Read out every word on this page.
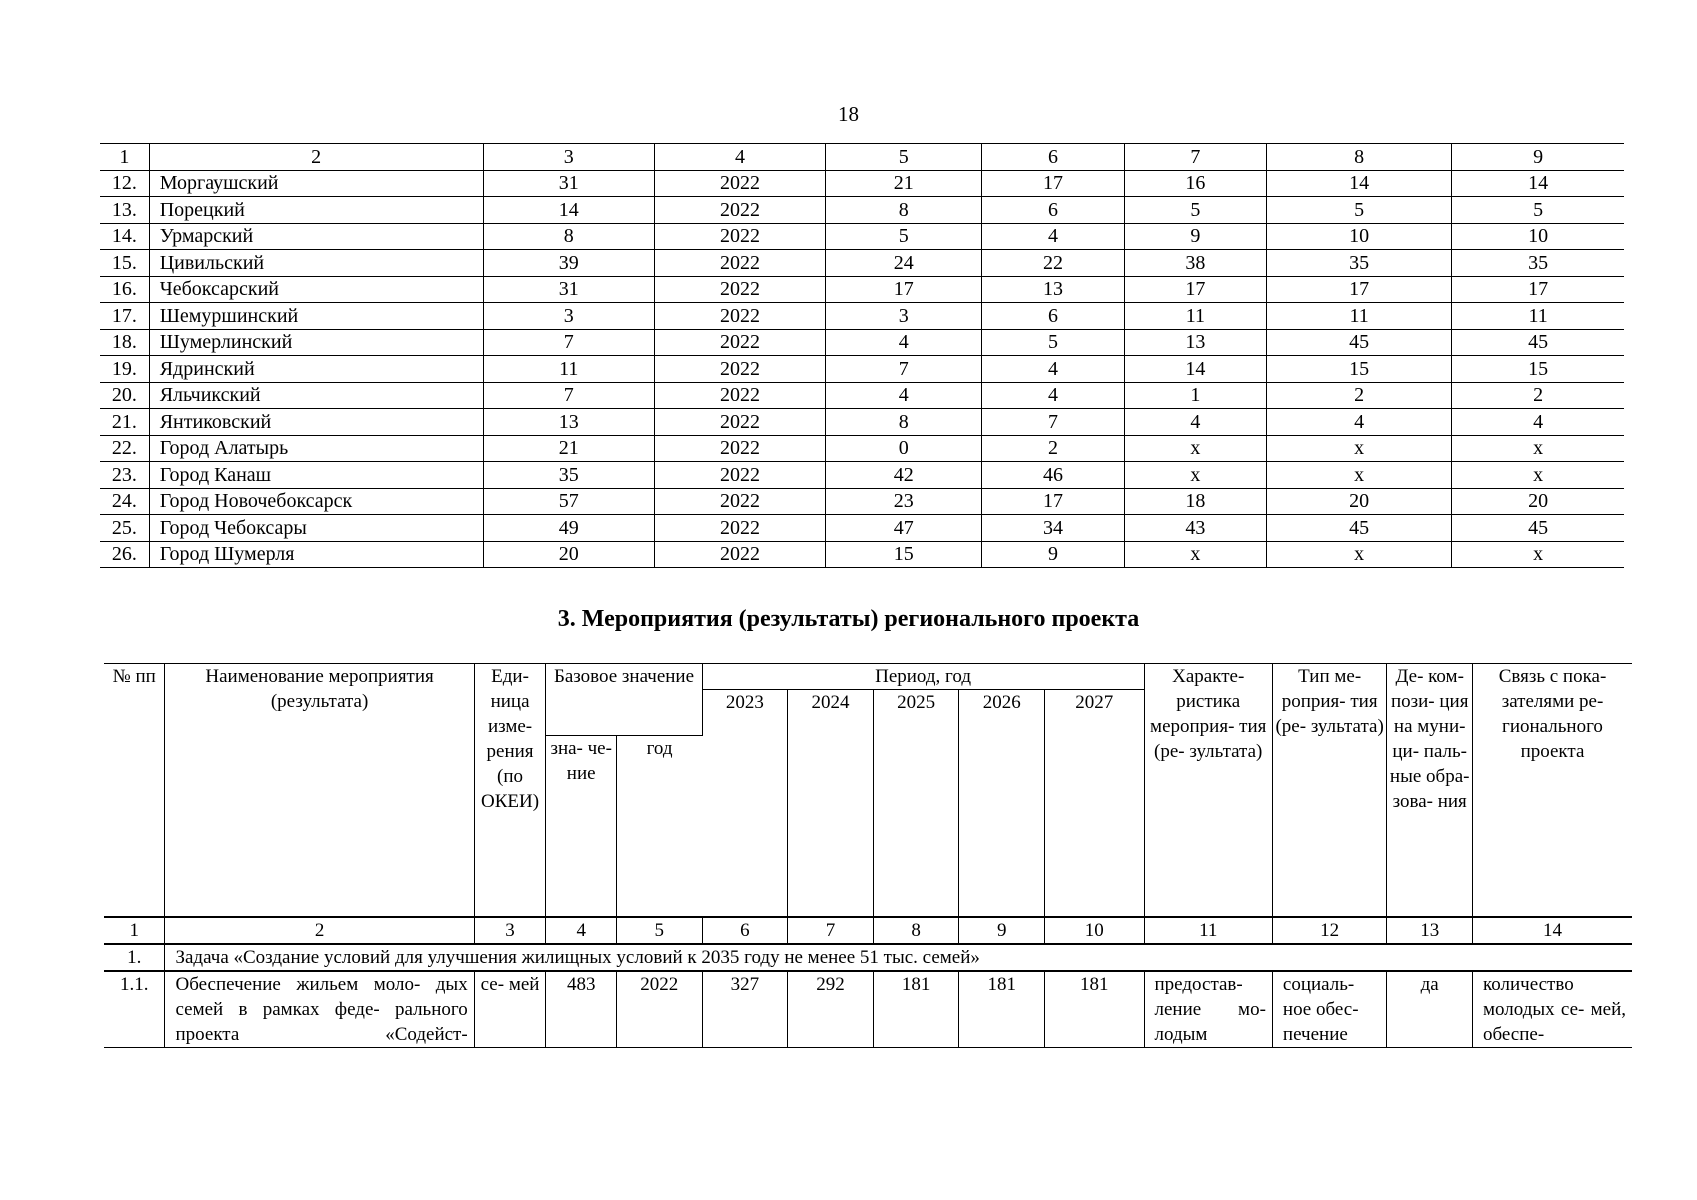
18
1	2	3	4	5	6	7	8	9
12.	Моргаушский	31	2022	21	17	16	14	14
13.	Порецкий	14	2022	8	6	5	5	5
14.	Урмарский	8	2022	5	4	9	10	10
15.	Цивильский	39	2022	24	22	38	35	35
16.	Чебоксарский	31	2022	17	13	17	17	17
17.	Шемуршинский	3	2022	3	6	11	11	11
18.	Шумерлинский	7	2022	4	5	13	45	45
19.	Ядринский	11	2022	7	4	14	15	15
20.	Яльчикский	7	2022	4	4	1	2	2
21.	Янтиковский	13	2022	8	7	4	4	4
22.	Город Алатырь	21	2022	0	2	х	х	х
23.	Город Канаш	35	2022	42	46	х	х	х
24.	Город Новочебоксарск	57	2022	23	17	18	20	20
25.	Город Чебоксары	49	2022	47	34	43	45	45
26.	Город Шумерля	20	2022	15	9	х	х	х
3. Мероприятия (результаты) регионального проекта
№ пп	Наименование мероприятия (результата)	Еди- ница изме- рения (по ОКЕИ)	Базовое значение		Период, год					Характе- ристика мероприя- тия (ре- зультата)	Тип ме- роприя- тия (ре- зультата)	Де- ком- пози- ция на муни- ци- паль- ные обра- зова- ния	Связь с пока- зателями ре- гионального проекта
					2023	2024	2025	2026	2027				
			зна- че- ние	год									
1	2	3	4	5	6	7	8	9	10	11	12	13	14
1.	Задача «Создание условий для улучшения жилищных условий к 2035 году не менее 51 тыс. семей»												
1.1.	Обеспечение жильем моло- дых семей в рамках феде- рального проекта «Содейст-	се- мей	483	2022	327	292	181	181	181	предостав- ление мо- лодым	социаль- ное обес- печение	да	количество молодых се- мей, обеспе-
